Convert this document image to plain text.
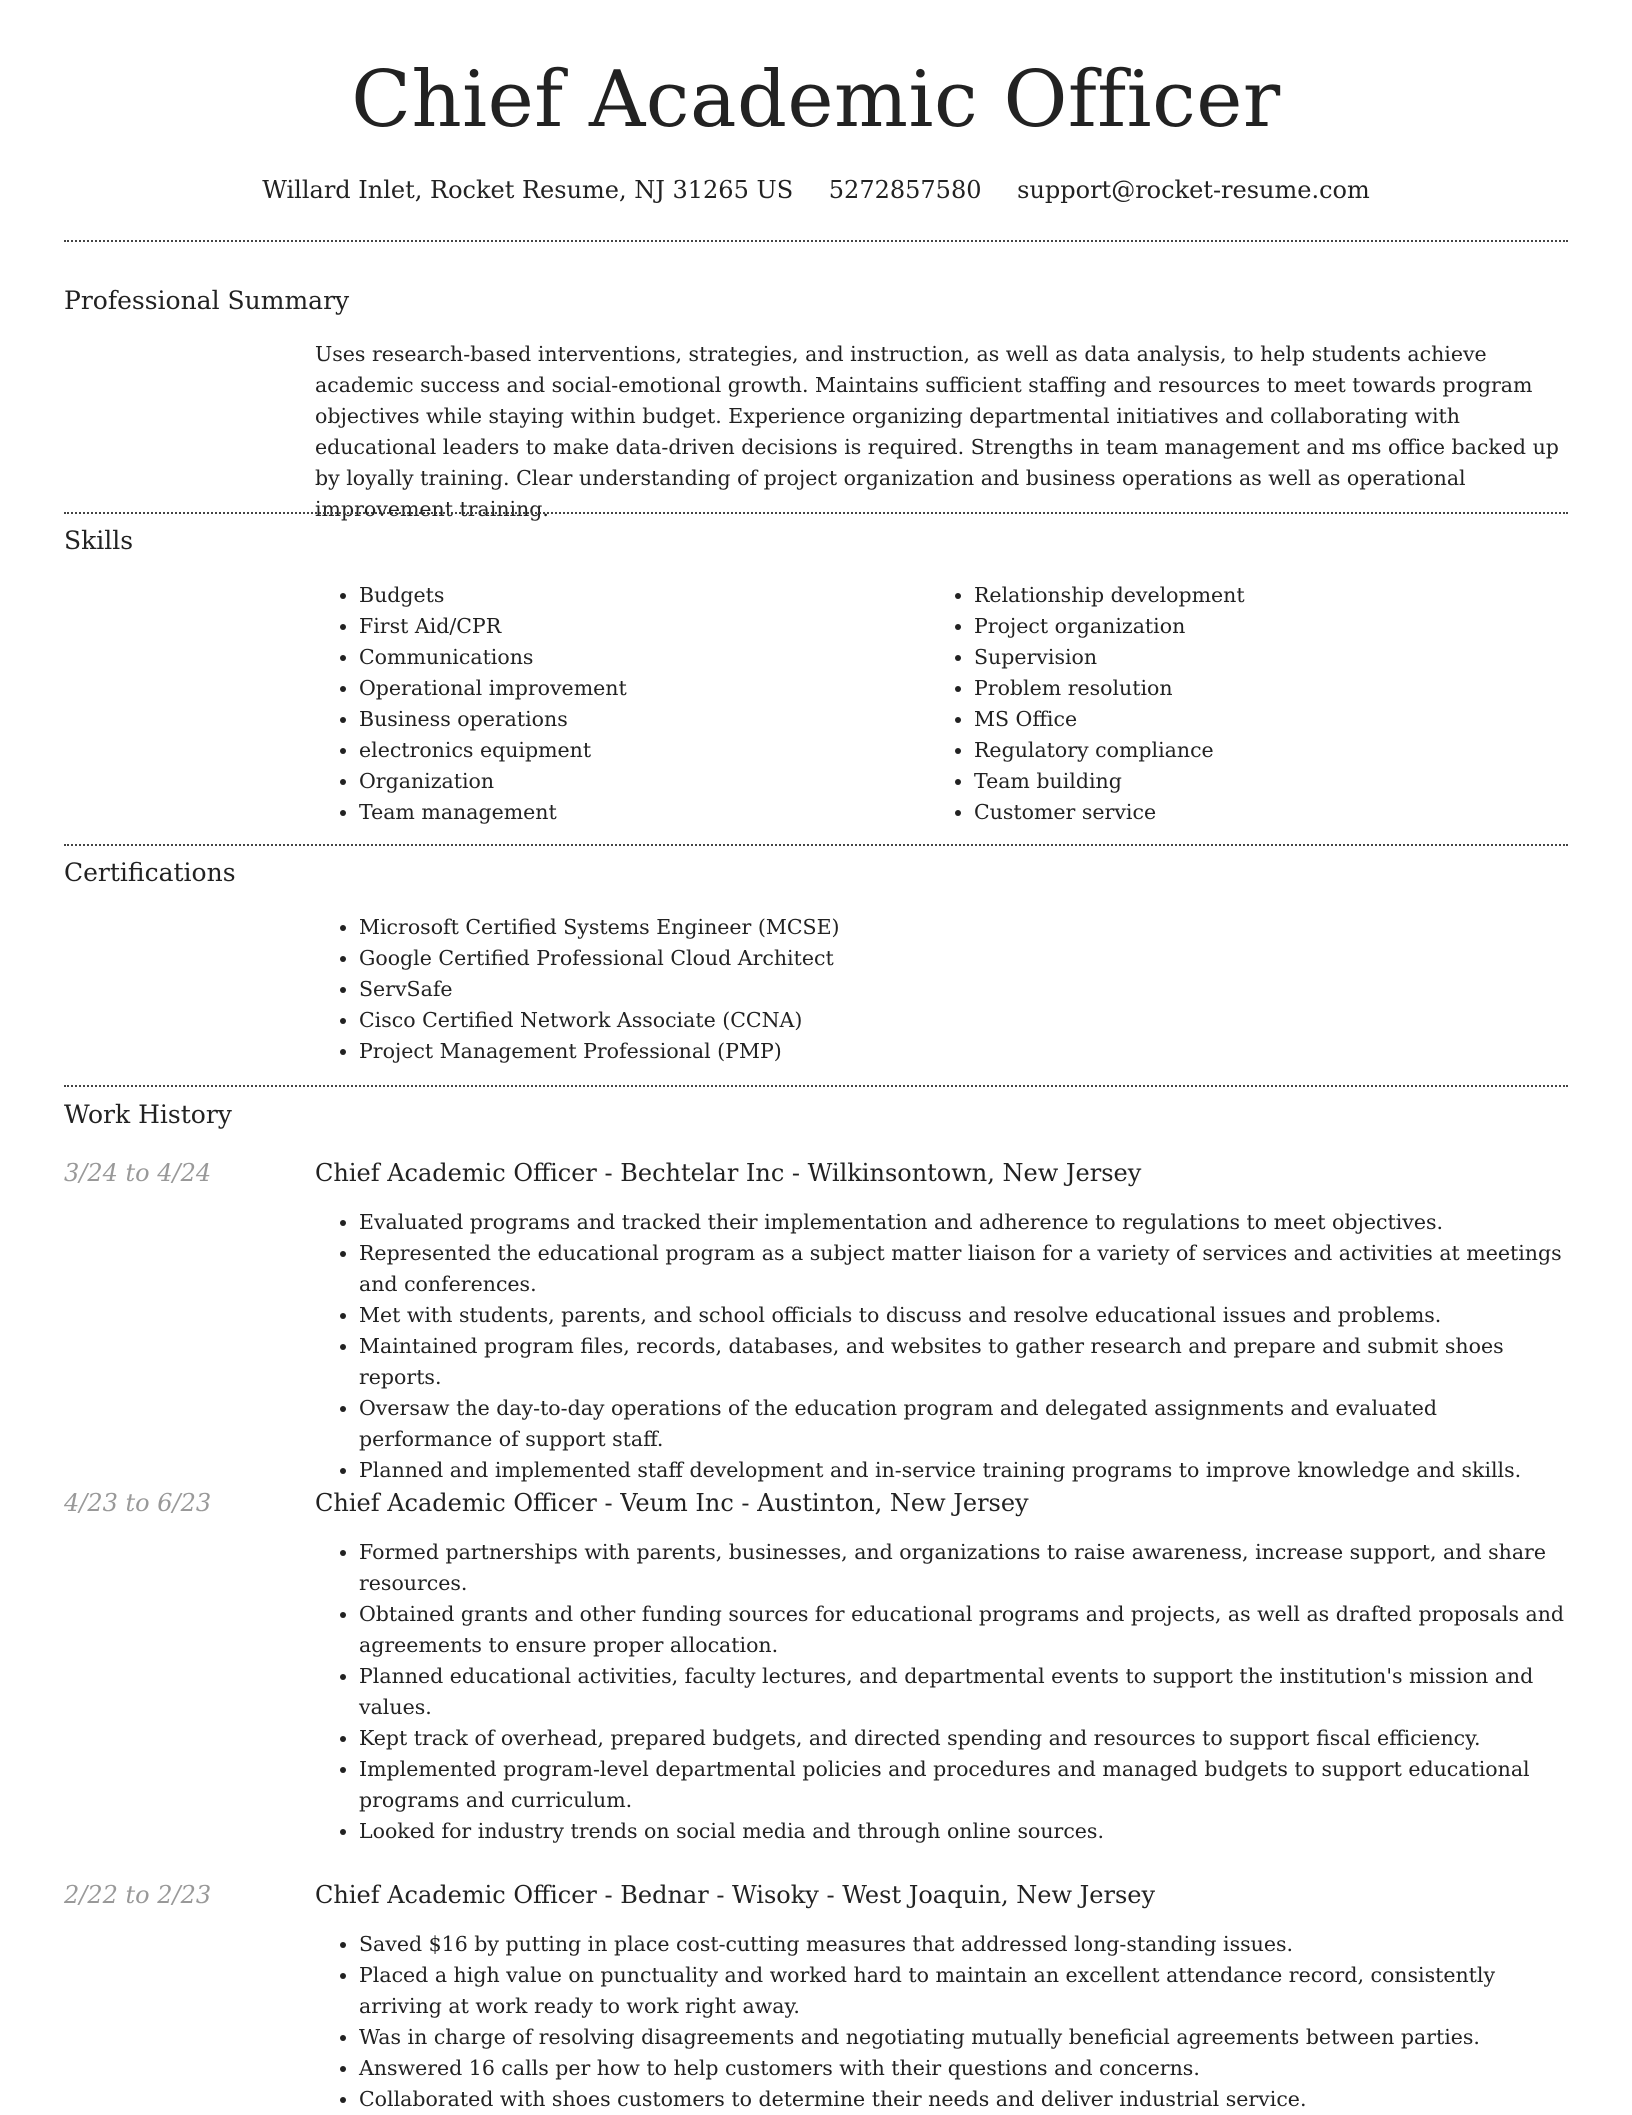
Chief Academic Officer
Willard Inlet, Rocket Resume, NJ 31265 US 5272857580 support@rocket-resume.com
Professional Summary
Uses research-based interventions, strategies, and instruction, as well as data analysis, to help students achieve academic success and social-emotional growth. Maintains sufficient staffing and resources to meet towards program objectives while staying within budget. Experience organizing departmental initiatives and collaborating with educational leaders to make data-driven decisions is required. Strengths in team management and ms office backed up by loyally training. Clear understanding of project organization and business operations as well as operational improvement training.
Skills
• Budgets
• First Aid/CPR
• Communications
• Operational improvement
• Business operations
• electronics equipment
• Organization
• Team management
• Relationship development
• Project organization
• Supervision
• Problem resolution
• MS Office
• Regulatory compliance
• Team building
• Customer service
Certifications
• Microsoft Certified Systems Engineer (MCSE)
• Google Certified Professional Cloud Architect
• ServSafe
• Cisco Certified Network Associate (CCNA)
• Project Management Professional (PMP)
Work History
3/24 to 4/24	Chief Academic Officer - Bechtelar Inc - Wilkinsontown, New Jersey
• Evaluated programs and tracked their implementation and adherence to regulations to meet objectives.
• Represented the educational program as a subject matter liaison for a variety of services and activities at meetings and conferences.
• Met with students, parents, and school officials to discuss and resolve educational issues and problems.
• Maintained program files, records, databases, and websites to gather research and prepare and submit shoes reports.
• Oversaw the day-to-day operations of the education program and delegated assignments and evaluated performance of support staff.
• Planned and implemented staff development and in-service training programs to improve knowledge and skills.
4/23 to 6/23	Chief Academic Officer - Veum Inc - Austinton, New Jersey
• Formed partnerships with parents, businesses, and organizations to raise awareness, increase support, and share resources.
• Obtained grants and other funding sources for educational programs and projects, as well as drafted proposals and agreements to ensure proper allocation.
• Planned educational activities, faculty lectures, and departmental events to support the institution's mission and values.
• Kept track of overhead, prepared budgets, and directed spending and resources to support fiscal efficiency.
• Implemented program-level departmental policies and procedures and managed budgets to support educational programs and curriculum.
• Looked for industry trends on social media and through online sources.
2/22 to 2/23	Chief Academic Officer - Bednar - Wisoky - West Joaquin, New Jersey
• Saved $16 by putting in place cost-cutting measures that addressed long-standing issues.
• Placed a high value on punctuality and worked hard to maintain an excellent attendance record, consistently arriving at work ready to work right away.
• Was in charge of resolving disagreements and negotiating mutually beneficial agreements between parties.
• Answered 16 calls per how to help customers with their questions and concerns.
• Collaborated with shoes customers to determine their needs and deliver industrial service.
